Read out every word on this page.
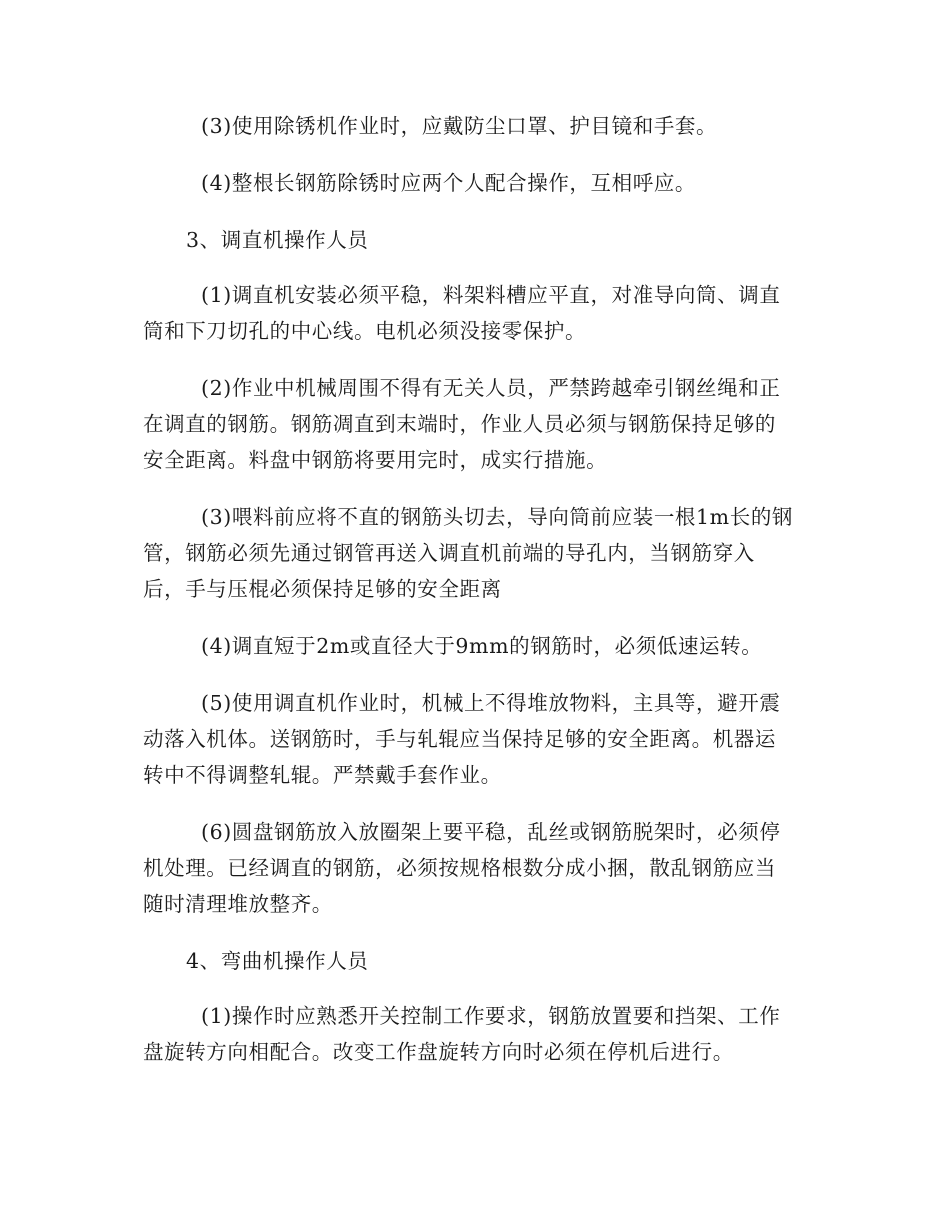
(3)使用除锈机作业时，应戴防尘口罩、护目镜和手套。

(4)整根长钢筋除锈时应两个人配合操作，互相呼应。

3、调直机操作人员

(1)调直机安装必须平稳，料架料槽应平直，对准导向筒、调直
筒和下刀切孔的中心线。电机必须没接零保护。

(2)作业中机械周围不得有无关人员，严禁跨越牵引钢丝绳和正
在调直的钢筋。钢筋凋直到末端时，作业人员必须与钢筋保持足够的
安全距离。料盘中钢筋将要用完时，成实行措施。

(3)喂料前应将不直的钢筋头切去，导向筒前应装一根1m长的钢
管，钢筋必须先通过钢管再送入调直机前端的导孔内，当钢筋穿入
后，手与压棍必须保持足够的安全距离

(4)调直短于2m或直径大于9mm的钢筋时，必须低速运转。

(5)使用调直机作业时，机械上不得堆放物料，主具等，避开震
动落入机体。送钢筋时，手与轧辊应当保持足够的安全距离。机器运
转中不得调整轧辊。严禁戴手套作业。

(6)圆盘钢筋放入放圈架上要平稳，乱丝或钢筋脱架时，必须停
机处理。已经调直的钢筋，必须按规格根数分成小捆，散乱钢筋应当
随时清理堆放整齐。

4、弯曲机操作人员

(1)操作时应熟悉开关控制工作要求，钢筋放置要和挡架、工作
盘旋转方向相配合。改变工作盘旋转方向时必须在停机后进行。
